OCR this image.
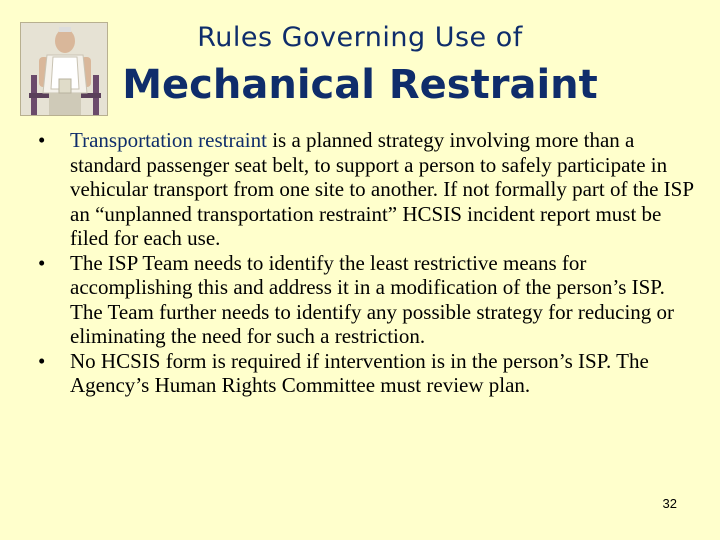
Rules Governing Use of
Mechanical Restraint
• Transportation restraint is a planned strategy involving more than a standard passenger seat belt, to support a person to safely participate in vehicular transport from one site to another. If not formally part of the ISP an “unplanned transportation restraint” HCSIS incident report must be filed for each use.
• The ISP Team needs to identify the least restrictive means for accomplishing this and address it in a modification of the person’s ISP. The Team further needs to identify any possible strategy for reducing or eliminating the need for such a restriction.
• No HCSIS form is required if intervention is in the person’s ISP. The Agency’s Human Rights Committee must review plan.
32
